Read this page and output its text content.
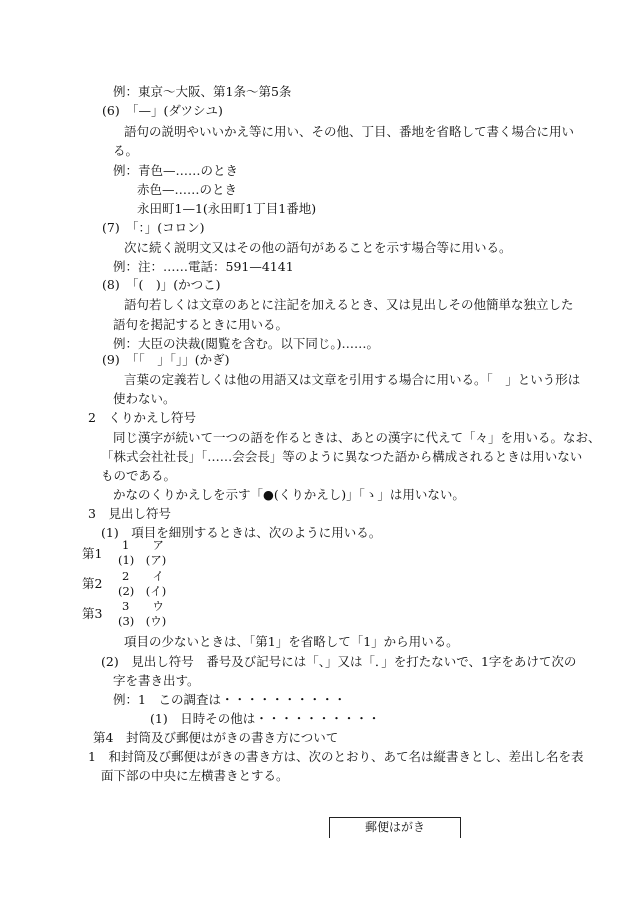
例：東京〜大阪、第1条〜第5条
(6)　「—」(ダツシユ)
語句の説明やいいかえ等に用い、その他、丁目、番地を省略して書く場合に用い
る。
例：青色—……のとき
赤色—……のとき
永田町1—1(永田町1丁目1番地)
(7)　「：」(コロン)
次に続く説明文又はその他の語句があることを示す場合等に用いる。
例：注：……電話：591—4141
(8)　「(　)」(かつこ)
語句若しくは文章のあとに注記を加えるとき、又は見出しその他簡単な独立した
語句を掲記するときに用いる。
例：大臣の決裁(閲覧を含む。以下同じ。)……。
(9)　「「　」「」」(かぎ)
言葉の定義若しくは他の用語又は文章を引用する場合に用いる。「　」という形は
使わない。
2　くりかえし符号
同じ漢字が続いて一つの語を作るときは、あとの漢字に代えて「々」を用いる。なお、
「株式会社社長」「……会会長」等のように異なつた語から構成されるときは用いない
ものである。
かなのくりかえしを示す「●(くりかえし)」「ゝ」は用いない。
3　見出し符号
(1)　項目を細別するときは、次のように用いる。
第1
1　　ア
(1)　(ア)
第2 2　　イ
(2)　(イ)
第3 3　　ウ
(3)　(ウ)
項目の少ないときは、「第1」を省略して「1」から用いる。
(2)　見出し符号　番号及び記号には「、」又は「．」を打たないで、1字をあけて次の
字を書き出す。
例：1　この調査は・・・・・・・・・・
(1)　日時その他は・・・・・・・・・・
第4　封筒及び郵便はがきの書き方について
1　和封筒及び郵便はがきの書き方は、次のとおり、あて名は縦書きとし、差出し名を表
面下部の中央に左横書きとする。
郵便はがき
